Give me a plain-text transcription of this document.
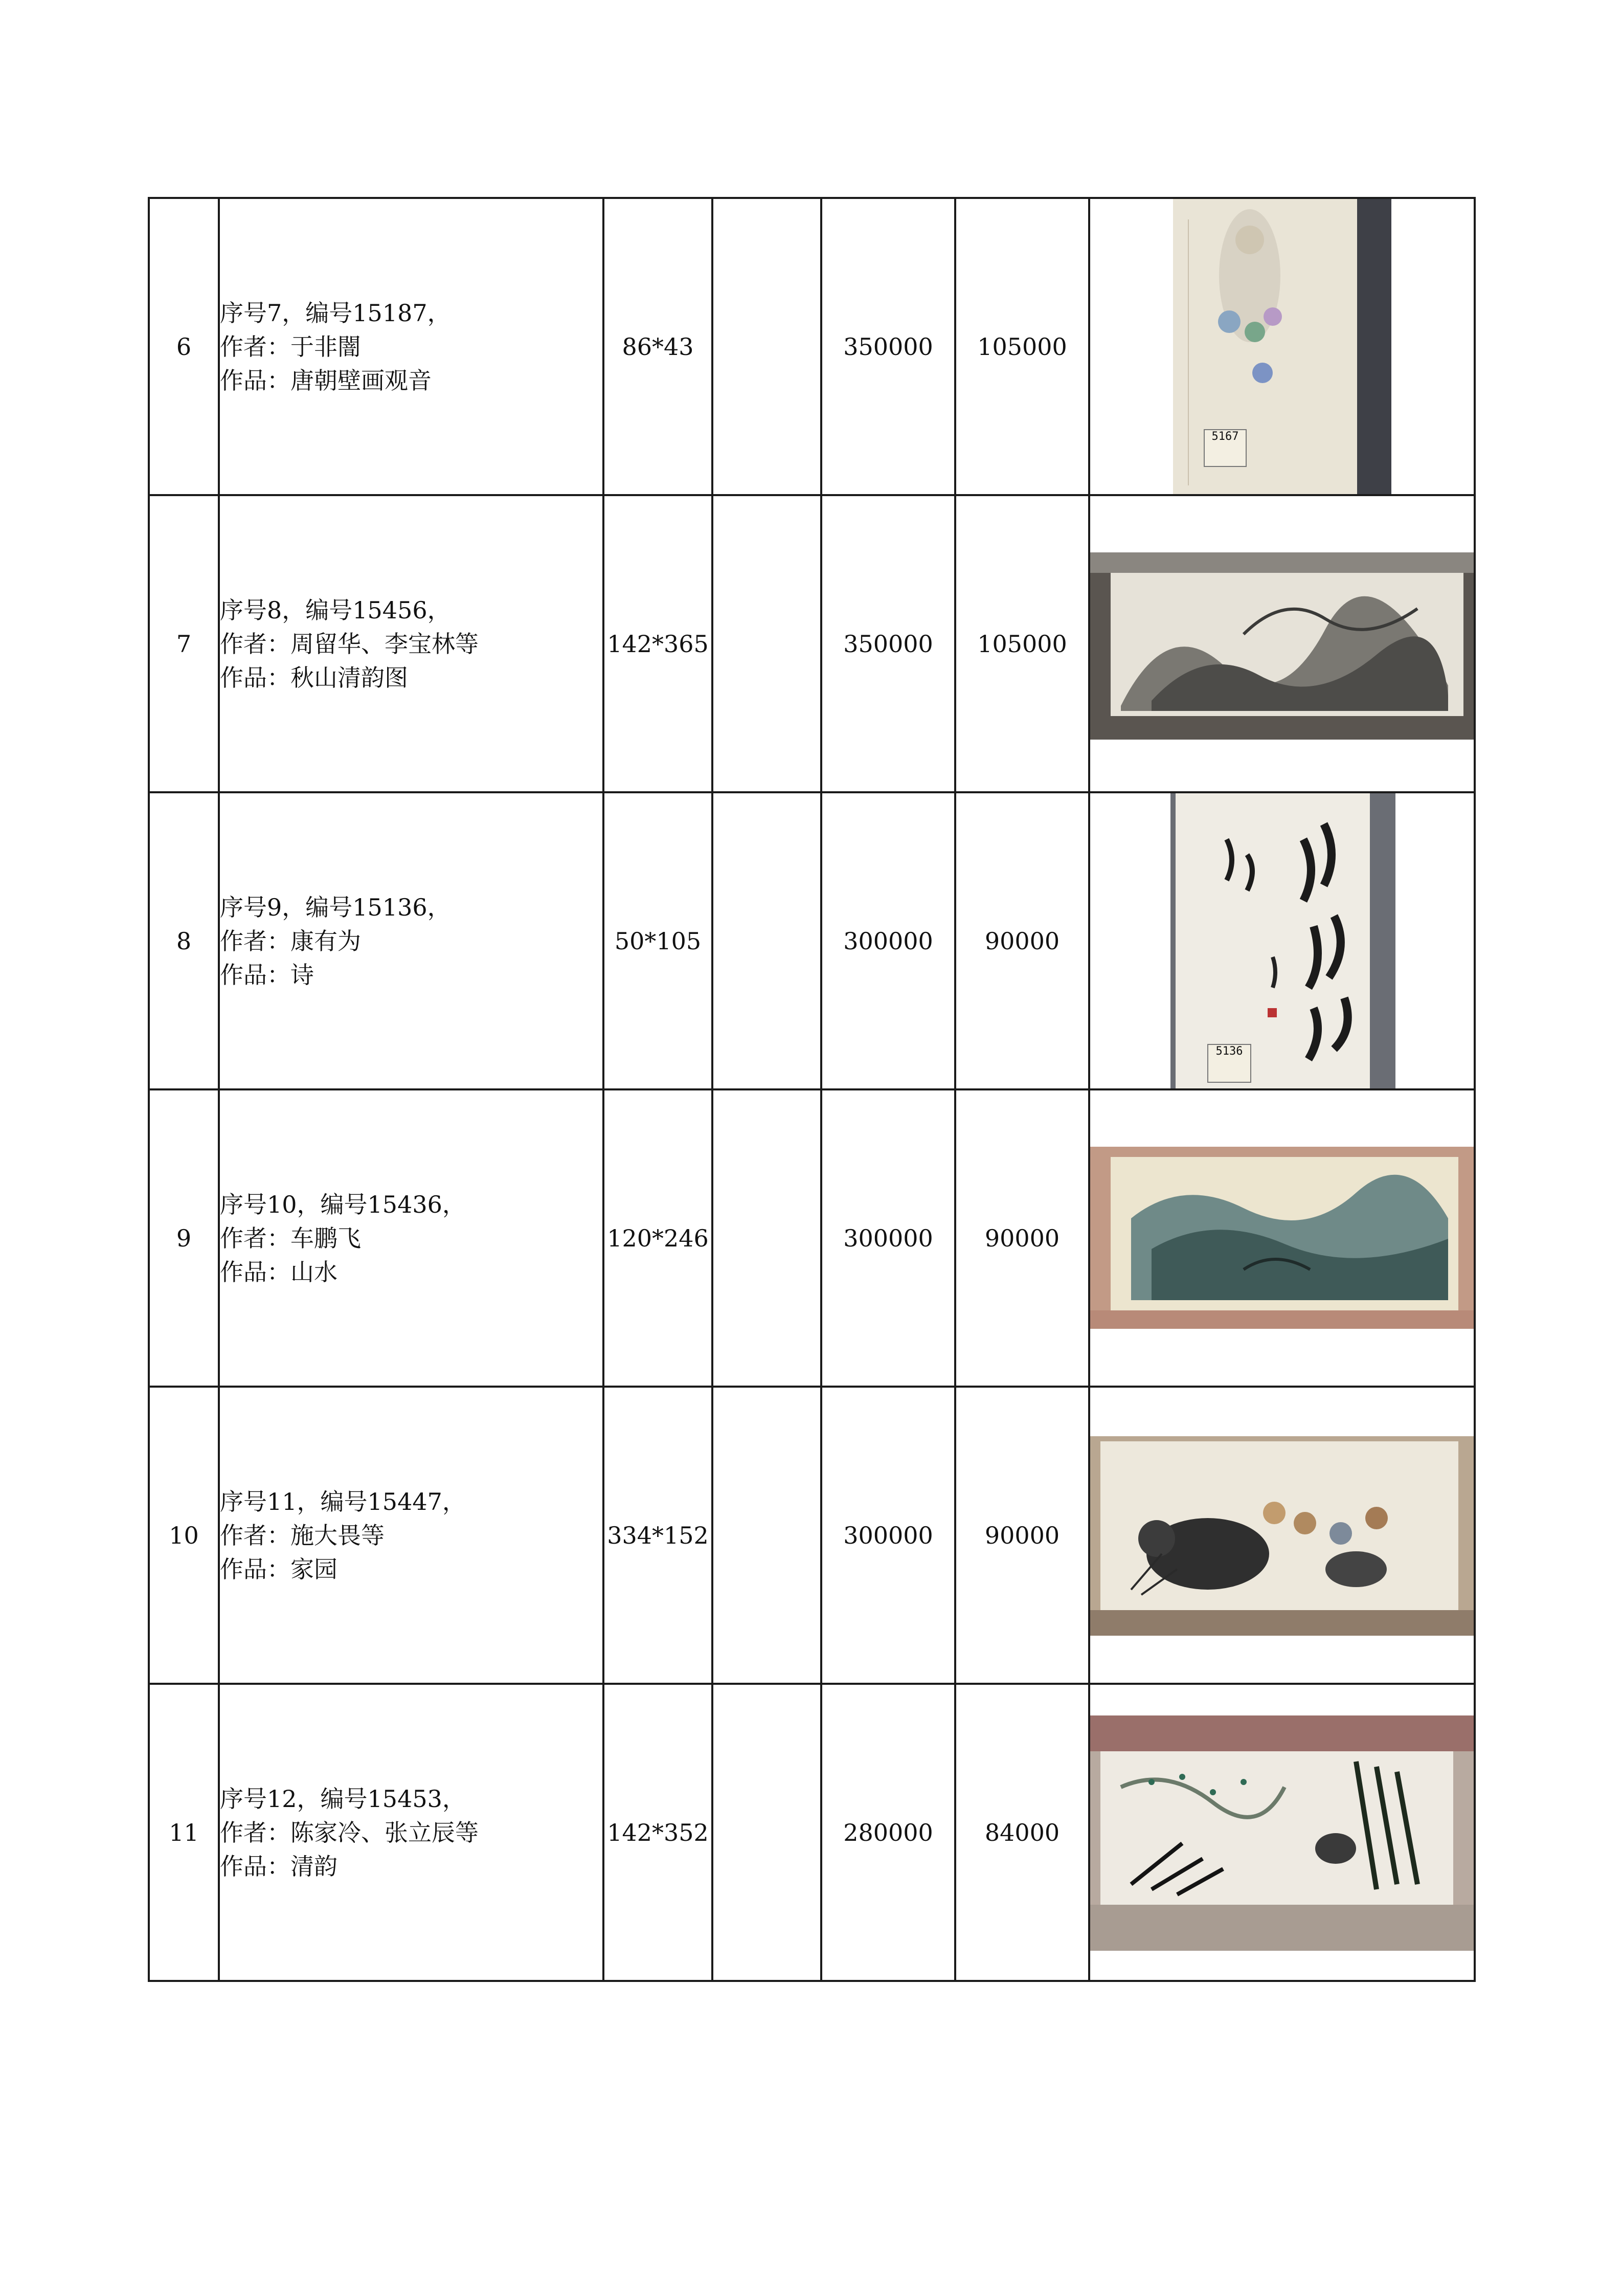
6	序号7，编号15187，
作者：于非闇
作品：唐朝壁画观音	86*43		350000	105000	5167

7	序号8，编号15456，
作者：周留华、李宝林等
作品：秋山清韵图	142*365		350000	105000	

8	序号9，编号15136，
作者：康有为
作品：诗	50*105		300000	90000	5136

9	序号10，编号15436，
作者：车鹏飞
作品：山水	120*246		300000	90000	

10	序号11，编号15447，
作者：施大畏等
作品：家园	334*152		300000	90000	

11	序号12，编号15453，
作者：陈家冷、张立辰等
作品：清韵	142*352		280000	84000	
